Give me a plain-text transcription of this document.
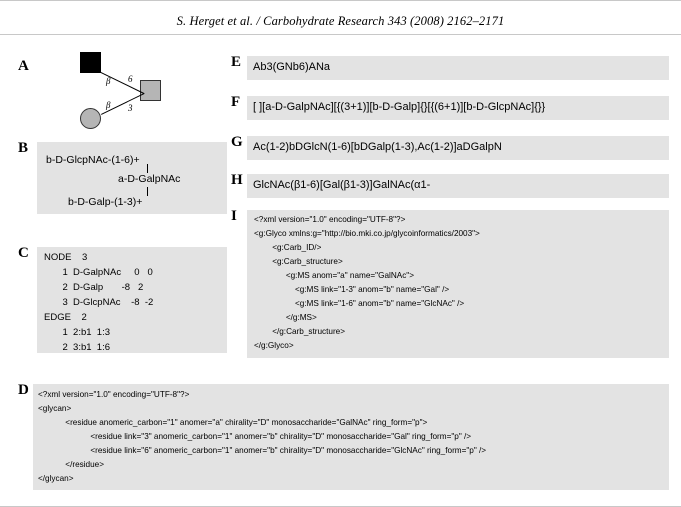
S. Herget et al. / Carbohydrate Research 343 (2008) 2162–2171
A
β 6
β 3
B
b-D-GlcpNAc-(1-6)+
a-D-GalpNAc
b-D-Galp-(1-3)+
C NODE    3
1  D-GalpNAc     0   0
2  D-Galp       -8   2
3  D-GlcpNAc    -8  -2
EDGE    2
1  2:b1  1:3
2  3:b1  1:6
D <?xml version="1.0" encoding="UTF-8"?>
<glycan>
<residue anomeric_carbon="1" anomer="a" chirality="D" monosaccharide="GalNAc" ring_form="p">
<residue link="3" anomeric_carbon="1" anomer="b" chirality="D" monosaccharide="Gal" ring_form="p" />
<residue link="6" anomeric_carbon="1" anomer="b" chirality="D" monosaccharide="GlcNAc" ring_form="p" />
</residue>
</glycan>
E Ab3(GNb6)ANa
F [ ][a-D-GalpNAc][{(3+1)][b-D-Galp]{}[{(6+1)][b-D-GlcpNAc]{}}
G Ac(1-2)bDGlcN(1-6)[bDGalp(1-3),Ac(1-2)]aDGalpN
H GlcNAc(β1-6)[Gal(β1-3)]GalNAc(α1-
I <?xml version="1.0" encoding="UTF-8"?>
<g:Glyco xmlns:g="http://bio.mki.co.jp/glycoinformatics/2003">
<g:Carb_ID/>
<g:Carb_structure>
<g:MS anom="a" name="GalNAc">
<g:MS link="1-3" anom="b" name="Gal" />
<g:MS link="1-6" anom="b" name="GlcNAc" />
</g:MS>
</g:Carb_structure>
</g:Glyco>
